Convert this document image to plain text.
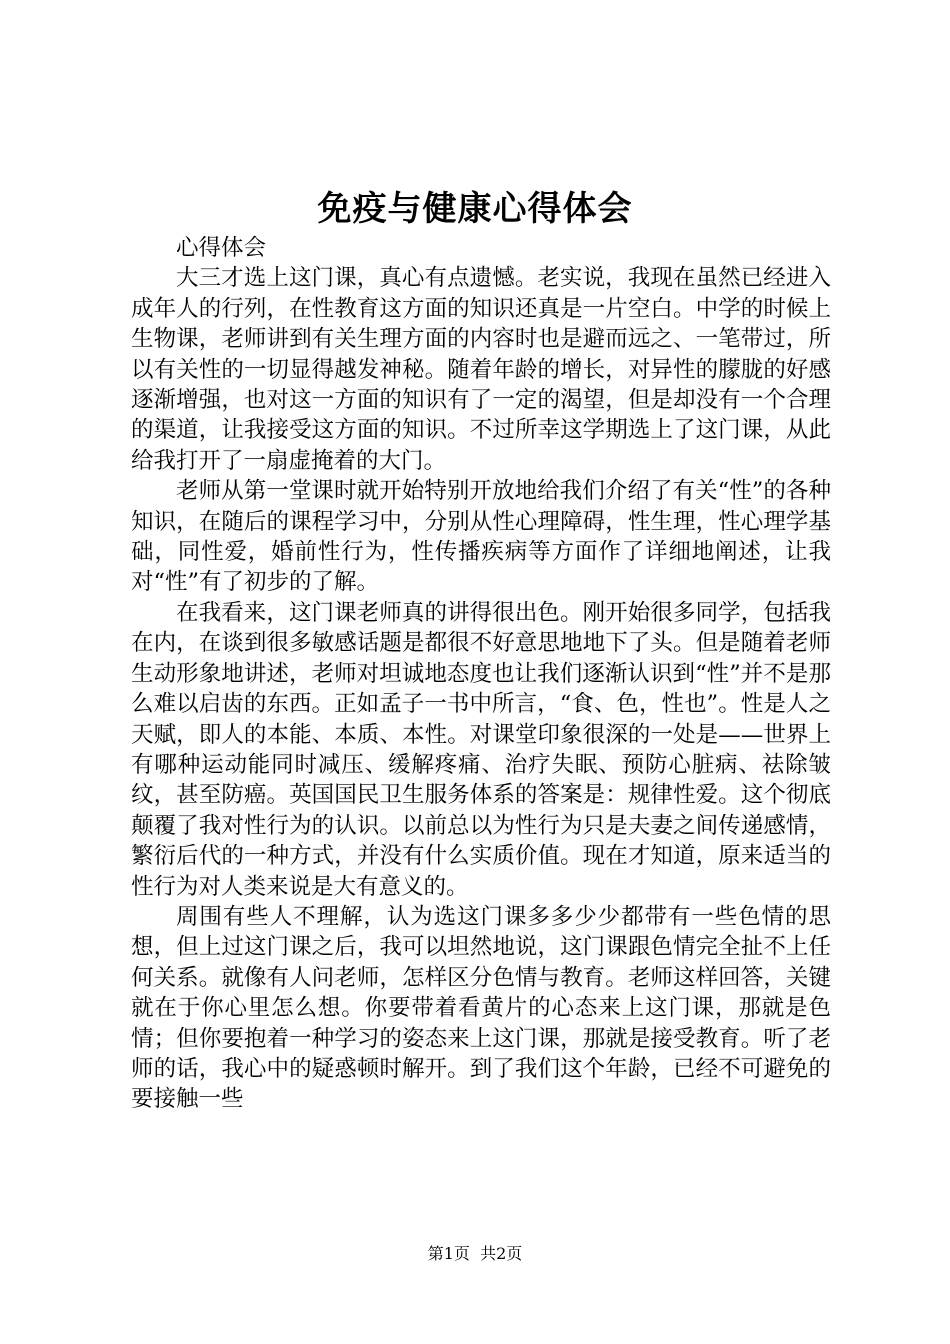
免疫与健康心得体会

心得体会

大三才选上这门课，真心有点遗憾。老实说，我现在虽然已经进入成年人的行列，在性教育这方面的知识还真是一片空白。中学的时候上生物课，老师讲到有关生理方面的内容时也是避而远之、一笔带过，所以有关性的一切显得越发神秘。随着年龄的增长，对异性的朦胧的好感逐渐增强，也对这一方面的知识有了一定的渴望，但是却没有一个合理的渠道，让我接受这方面的知识。不过所幸这学期选上了这门课，从此给我打开了一扇虚掩着的大门。

老师从第一堂课时就开始特别开放地给我们介绍了有关“性”的各种知识，在随后的课程学习中，分别从性心理障碍，性生理，性心理学基础，同性爱，婚前性行为，性传播疾病等方面作了详细地阐述，让我对“性”有了初步的了解。

在我看来，这门课老师真的讲得很出色。刚开始很多同学，包括我在内，在谈到很多敏感话题是都很不好意思地地下了头。但是随着老师生动形象地讲述，老师对坦诚地态度也让我们逐渐认识到“性”并不是那么难以启齿的东西。正如孟子一书中所言，“食、色，性也”。性是人之天赋，即人的本能、本质、本性。对课堂印象很深的一处是——世界上有哪种运动能同时减压、缓解疼痛、治疗失眠、预防心脏病、祛除皱纹，甚至防癌。英国国民卫生服务体系的答案是：规律性爱。这个彻底颠覆了我对性行为的认识。以前总以为性行为只是夫妻之间传递感情，繁衍后代的一种方式，并没有什么实质价值。现在才知道，原来适当的性行为对人类来说是大有意义的。

周围有些人不理解，认为选这门课多多少少都带有一些色情的思想，但上过这门课之后，我可以坦然地说，这门课跟色情完全扯不上任何关系。就像有人问老师，怎样区分色情与教育。老师这样回答，关键就在于你心里怎么想。你要带着看黄片的心态来上这门课，那就是色情；但你要抱着一种学习的姿态来上这门课，那就是接受教育。听了老师的话，我心中的疑惑顿时解开。到了我们这个年龄，已经不可避免的要接触一些

第1页  共2页
